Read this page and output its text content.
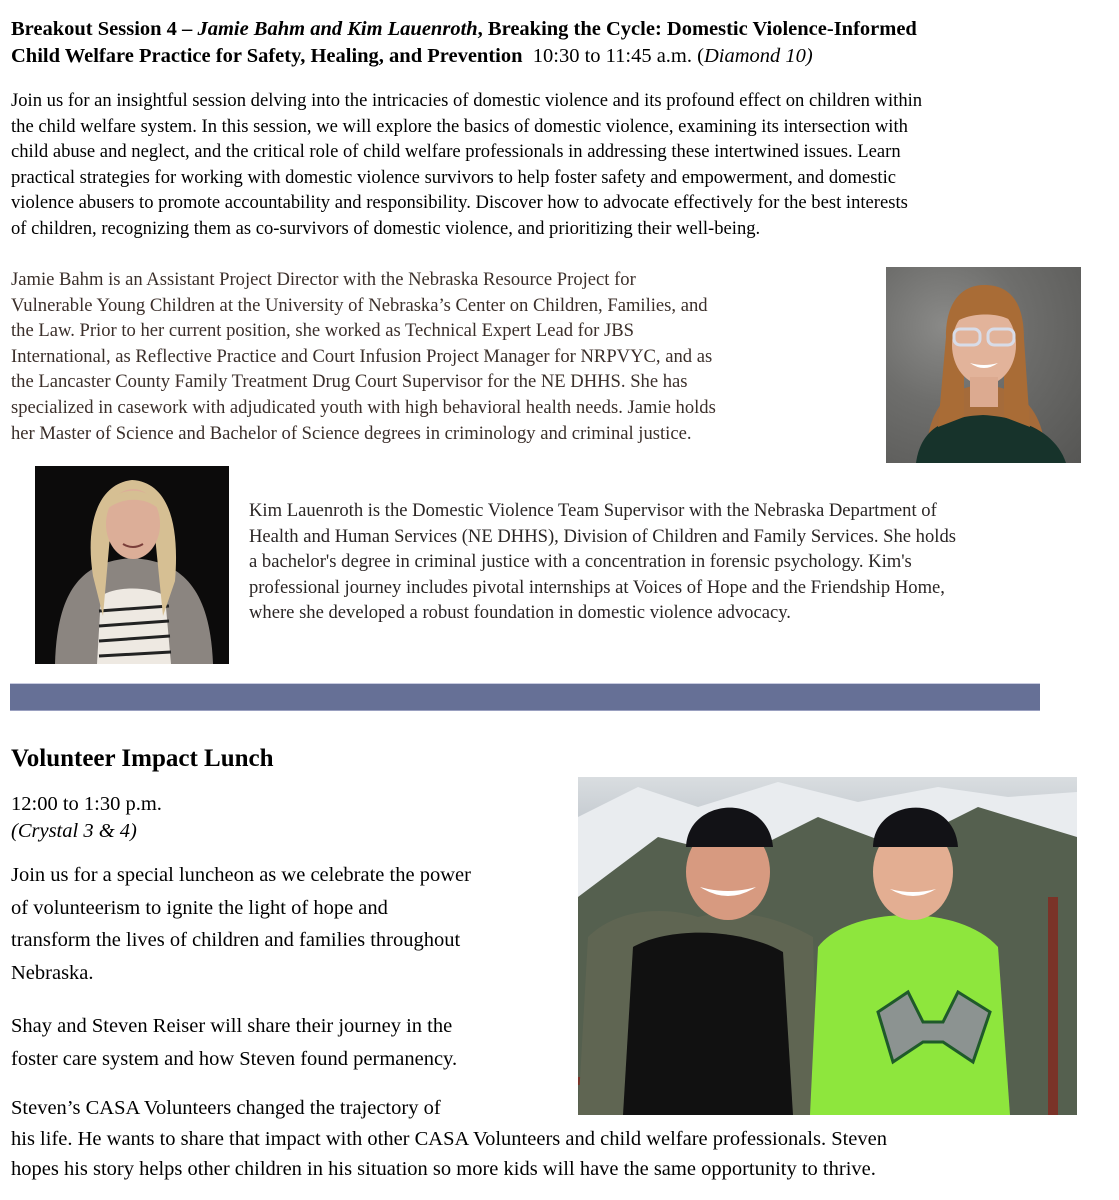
Breakout Session 4 – Jamie Bahm and Kim Lauenroth, Breaking the Cycle: Domestic Violence-Informed
Child Welfare Practice for Safety, Healing, and Prevention 10:30 to 11:45 a.m. (Diamond 10)
Join us for an insightful session delving into the intricacies of domestic violence and its profound effect on children within
the child welfare system. In this session, we will explore the basics of domestic violence, examining its intersection with
child abuse and neglect, and the critical role of child welfare professionals in addressing these intertwined issues. Learn
practical strategies for working with domestic violence survivors to help foster safety and empowerment, and domestic
violence abusers to promote accountability and responsibility. Discover how to advocate effectively for the best interests
of children, recognizing them as co-survivors of domestic violence, and prioritizing their well-being.
Jamie Bahm is an Assistant Project Director with the Nebraska Resource Project for
Vulnerable Young Children at the University of Nebraska’s Center on Children, Families, and
the Law. Prior to her current position, she worked as Technical Expert Lead for JBS
International, as Reflective Practice and Court Infusion Project Manager for NRPVYC, and as
the Lancaster County Family Treatment Drug Court Supervisor for the NE DHHS. She has
specialized in casework with adjudicated youth with high behavioral health needs. Jamie holds
her Master of Science and Bachelor of Science degrees in criminology and criminal justice.
Kim Lauenroth is the Domestic Violence Team Supervisor with the Nebraska Department of
Health and Human Services (NE DHHS), Division of Children and Family Services. She holds
a bachelor's degree in criminal justice with a concentration in forensic psychology. Kim's
professional journey includes pivotal internships at Voices of Hope and the Friendship Home,
where she developed a robust foundation in domestic violence advocacy.
Volunteer Impact Lunch
12:00 to 1:30 p.m.
(Crystal 3 & 4)
Join us for a special luncheon as we celebrate the power
of volunteerism to ignite the light of hope and
transform the lives of children and families throughout
Nebraska.
Shay and Steven Reiser will share their journey in the
foster care system and how Steven found permanency.
Steven’s CASA Volunteers changed the trajectory of
his life. He wants to share that impact with other CASA Volunteers and child welfare professionals. Steven
hopes his story helps other children in his situation so more kids will have the same opportunity to thrive.
